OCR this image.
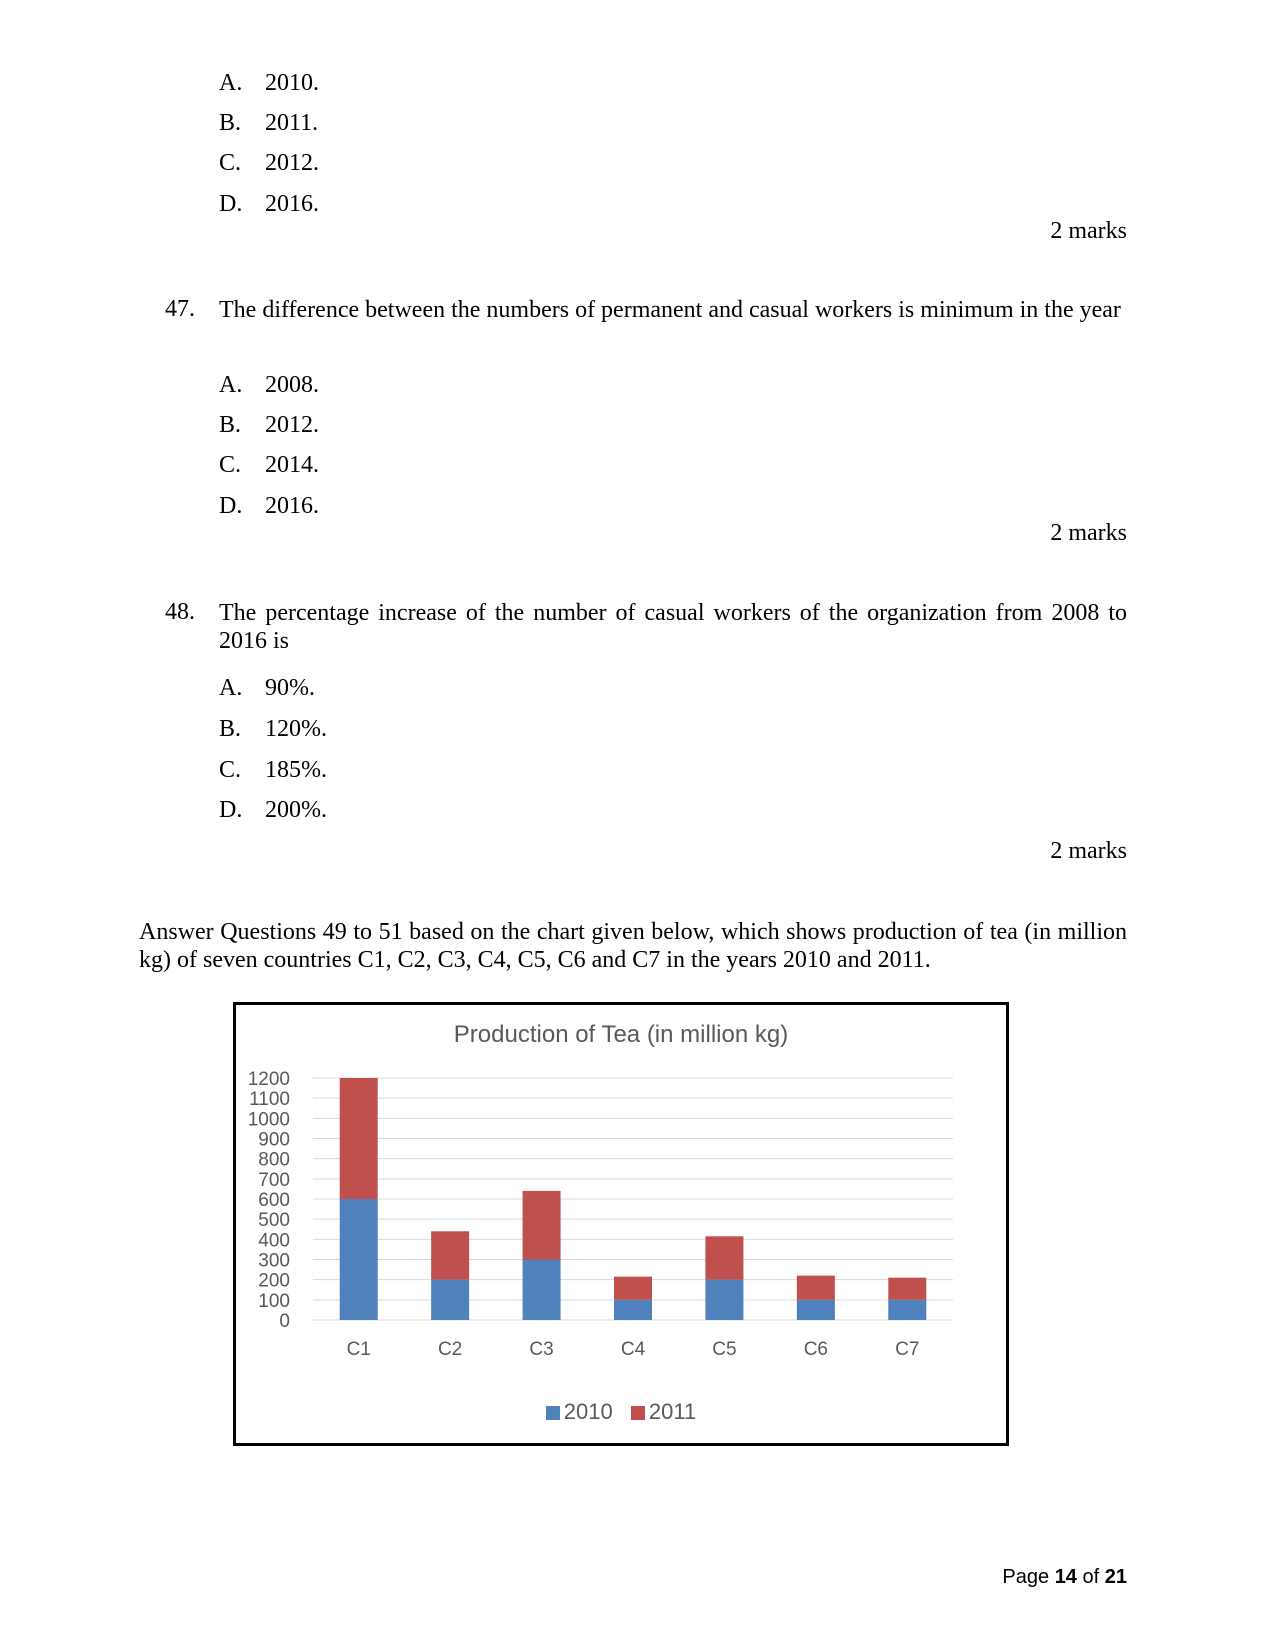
A. 2010.
B. 2011.
C. 2012.
D. 2016.
2 marks
47. The difference between the numbers of permanent and casual workers is minimum in the year
A. 2008.
B. 2012.
C. 2014.
D. 2016.
2 marks
48. The percentage increase of the number of casual workers of the organization from 2008 to 2016 is
A. 90%.
B. 120%.
C. 185%.
D. 200%.
2 marks
Answer Questions 49 to 51 based on the chart given below, which shows production of tea (in million kg) of seven countries C1, C2, C3, C4, C5, C6 and C7 in the years 2010 and 2011.
Production of Tea (in million kg)
0
100
200
300
400
500
600
700
800
900
1000
1100
1200
C1	C2	C3	C4	C5	C6	C7
2010 2011
Page 14 of 21
